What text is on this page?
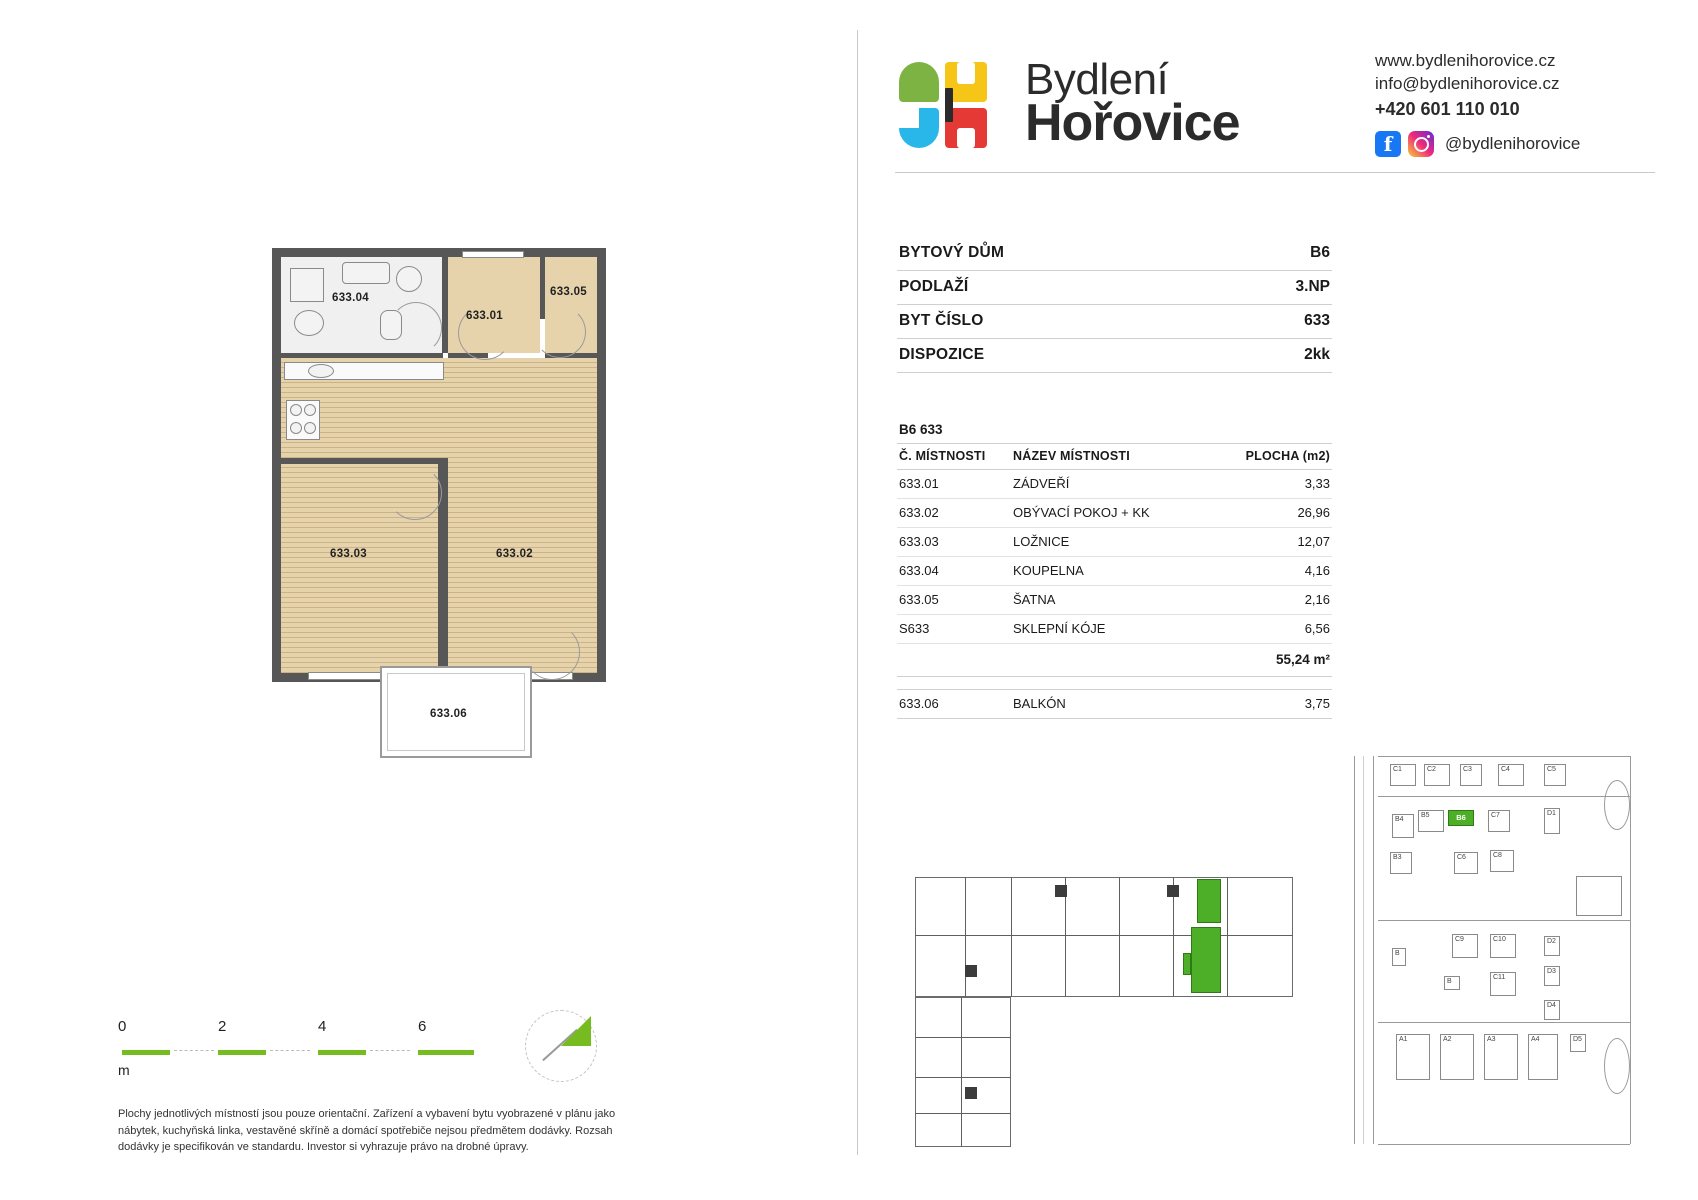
Bydlení
Hořovice
www.bydlenihorovice.cz
info@bydlenihorovice.cz
+420 601 110 010
f	@bydlenihorovice
BYTOVÝ DŮM	B6
PODLAŽÍ	3.NP
BYT ČÍSLO	633
DISPOZICE	2kk
B6 633
Č. MÍSTNOSTI	NÁZEV MÍSTNOSTI	PLOCHA (m2)
633.01	ZÁDVEŘÍ	3,33
633.02	OBÝVACÍ POKOJ + KK	26,96
633.03	LOŽNICE	12,07
633.04	KOUPELNA	4,16
633.05	ŠATNA	2,16
S633	SKLEPNÍ KÓJE	6,56
55,24 m²		

633.06	BALKÓN	3,75
633.04
633.01
633.05
633.03	633.02
633.06
0	2	4	6
m
Plochy jednotlivých místností jsou pouze orientační. Zařízení a vybavení bytu vyobrazené v plánu jako nábytek, kuchyňská linka, vestavěné skříně a domácí spotřebiče nejsou předmětem dodávky. Rozsah dodávky je specifikován ve standardu. Investor si vyhrazuje právo na drobné úpravy.
C1	C2	C3	C4	C5
B4
B5	B6	C7	D1
B3	C6	C8
C9	C10
C11
B
B
D2
D3
D4
A1	A2	A3	A4	D5
